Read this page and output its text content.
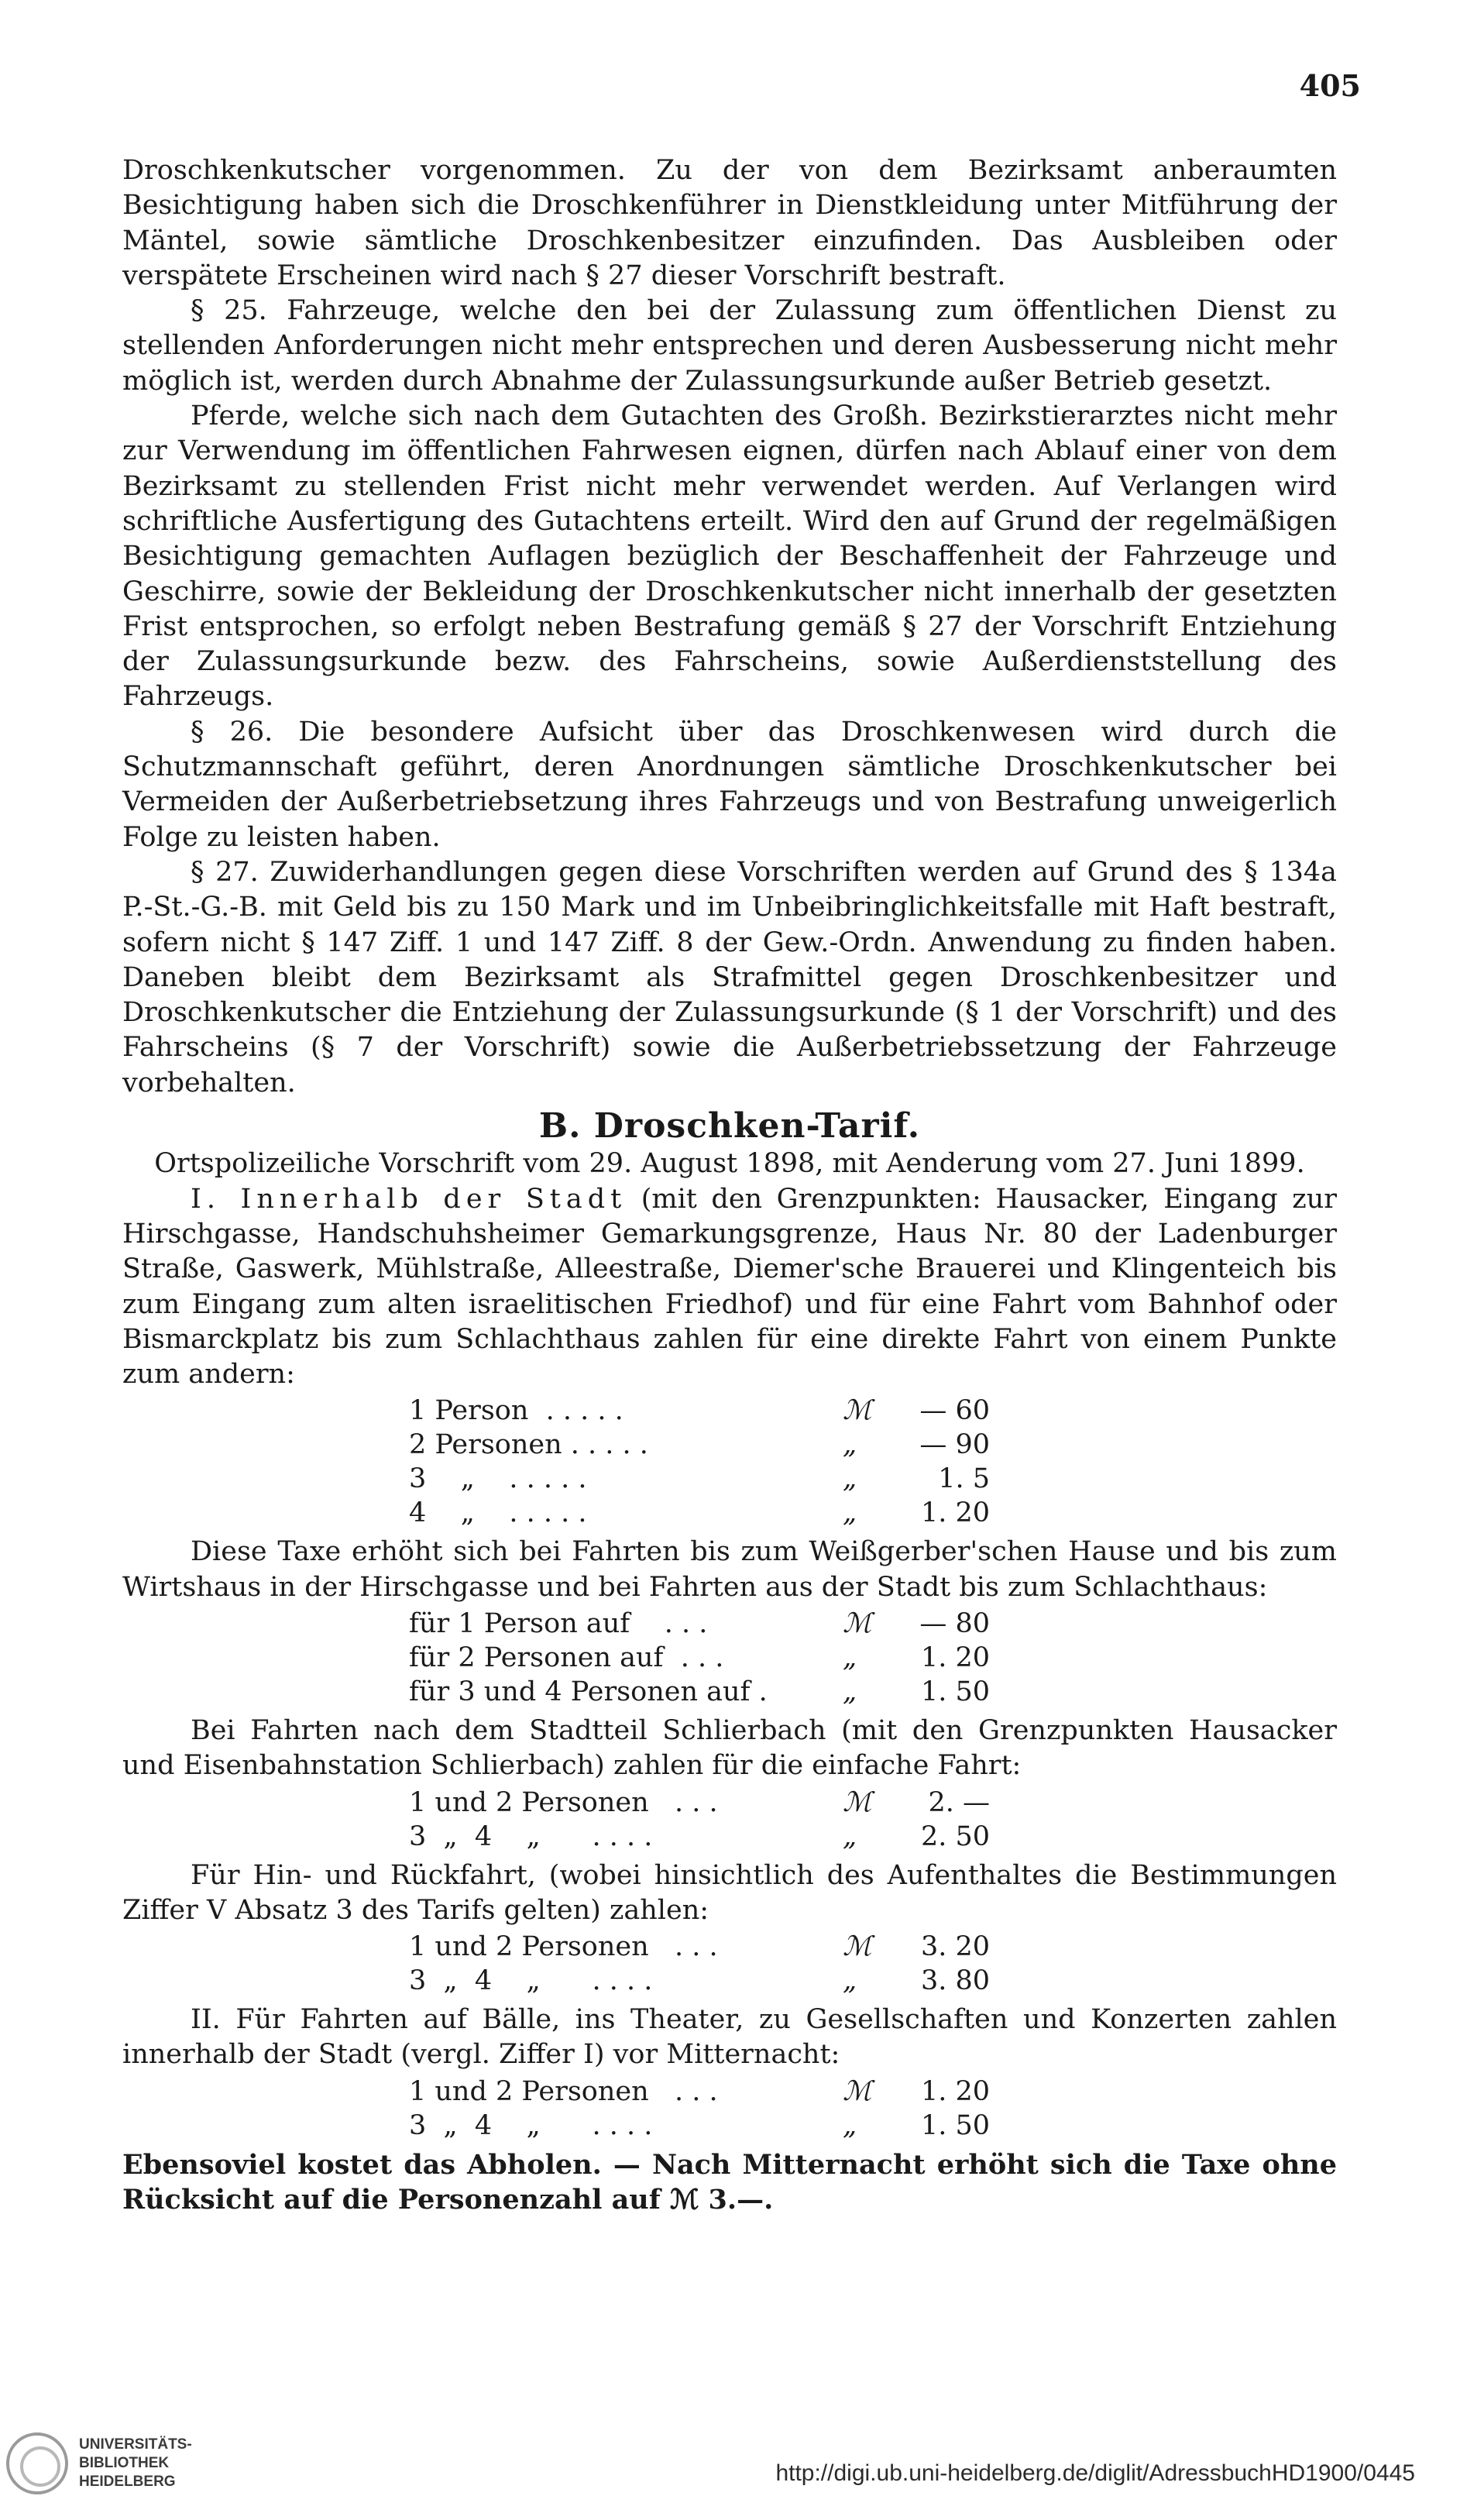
405

Droschkenkutscher vorgenommen. Zu der von dem Bezirksamt anberaumten Besichtigung haben sich die Droschkenführer in Dienstkleidung unter Mitführung der Mäntel, sowie sämtliche Droschkenbesitzer einzufinden. Das Ausbleiben oder verspätete Erscheinen wird nach § 27 dieser Vorschrift bestraft.

§ 25. Fahrzeuge, welche den bei der Zulassung zum öffentlichen Dienst zu stellenden Anforderungen nicht mehr entsprechen und deren Ausbesserung nicht mehr möglich ist, werden durch Abnahme der Zulassungsurkunde außer Betrieb gesetzt.

Pferde, welche sich nach dem Gutachten des Großh. Bezirkstierarztes nicht mehr zur Verwendung im öffentlichen Fahrwesen eignen, dürfen nach Ablauf einer von dem Bezirksamt zu stellenden Frist nicht mehr verwendet werden. Auf Verlangen wird schriftliche Ausfertigung des Gutachtens erteilt. Wird den auf Grund der regelmäßigen Besichtigung gemachten Auflagen bezüglich der Beschaffenheit der Fahrzeuge und Geschirre, sowie der Bekleidung der Droschkenkutscher nicht innerhalb der gesetzten Frist entsprochen, so erfolgt neben Bestrafung gemäß § 27 der Vorschrift Entziehung der Zulassungsurkunde bezw. des Fahrscheins, sowie Außerdienststellung des Fahrzeugs.

§ 26. Die besondere Aufsicht über das Droschkenwesen wird durch die Schutzmannschaft geführt, deren Anordnungen sämtliche Droschkenkutscher bei Vermeiden der Außerbetriebsetzung ihres Fahrzeugs und von Bestrafung unweigerlich Folge zu leisten haben.

§ 27. Zuwiderhandlungen gegen diese Vorschriften werden auf Grund des § 134a P.-St.-G.-B. mit Geld bis zu 150 Mark und im Unbeibringlichkeitsfalle mit Haft bestraft, sofern nicht § 147 Ziff. 1 und 147 Ziff. 8 der Gew.-Ordn. Anwendung zu finden haben. Daneben bleibt dem Bezirksamt als Strafmittel gegen Droschkenbesitzer und Droschkenkutscher die Entziehung der Zulassungsurkunde (§ 1 der Vorschrift) und des Fahrscheins (§ 7 der Vorschrift) sowie die Außerbetriebssetzung der Fahrzeuge vorbehalten.

B. Droschken-Tarif.

Ortspolizeiliche Vorschrift vom 29. August 1898, mit Aenderung vom 27. Juni 1899.

I. Innerhalb der Stadt (mit den Grenzpunkten: Hausacker, Eingang zur Hirschgasse, Handschuhsheimer Gemarkungsgrenze, Haus Nr. 80 der Ladenburger Straße, Gaswerk, Mühlstraße, Alleestraße, Diemer'sche Brauerei und Klingenteich bis zum Eingang zum alten israelitischen Friedhof) und für eine Fahrt vom Bahnhof oder Bismarckplatz bis zum Schlachthaus zahlen für eine direkte Fahrt von einem Punkte zum andern:

1 Person  . . . . .	ℳ	— 60
2 Personen . . . . .	„	— 90
3    „    . . . . .	„	1. 5
4    „    . . . . .	„	1. 20

Diese Taxe erhöht sich bei Fahrten bis zum Weißgerber'schen Hause und bis zum Wirtshaus in der Hirschgasse und bei Fahrten aus der Stadt bis zum Schlachthaus:

für 1 Person auf    . . .	ℳ	— 80
für 2 Personen auf  . . .	„	1. 20
für 3 und 4 Personen auf .	„	1. 50

Bei Fahrten nach dem Stadtteil Schlierbach (mit den Grenzpunkten Hausacker und Eisenbahnstation Schlierbach) zahlen für die einfache Fahrt:

1 und 2 Personen   . . .	ℳ	2. —
3  „  4    „      . . . .	„	2. 50

Für Hin- und Rückfahrt, (wobei hinsichtlich des Aufenthaltes die Bestimmungen Ziffer V Absatz 3 des Tarifs gelten) zahlen:

1 und 2 Personen   . . .	ℳ	3. 20
3  „  4    „      . . . .	„	3. 80

II. Für Fahrten auf Bälle, ins Theater, zu Gesellschaften und Konzerten zahlen innerhalb der Stadt (vergl. Ziffer I) vor Mitternacht:

1 und 2 Personen   . . .	ℳ	1. 20
3  „  4    „      . . . .	„	1. 50

Ebensoviel kostet das Abholen. — Nach Mitternacht erhöht sich die Taxe ohne Rücksicht auf die Personenzahl auf ℳ 3.—.

UNIVERSITÄTS-
BIBLIOTHEK
HEIDELBERG	http://digi.ub.uni-heidelberg.de/diglit/AdressbuchHD1900/0445
